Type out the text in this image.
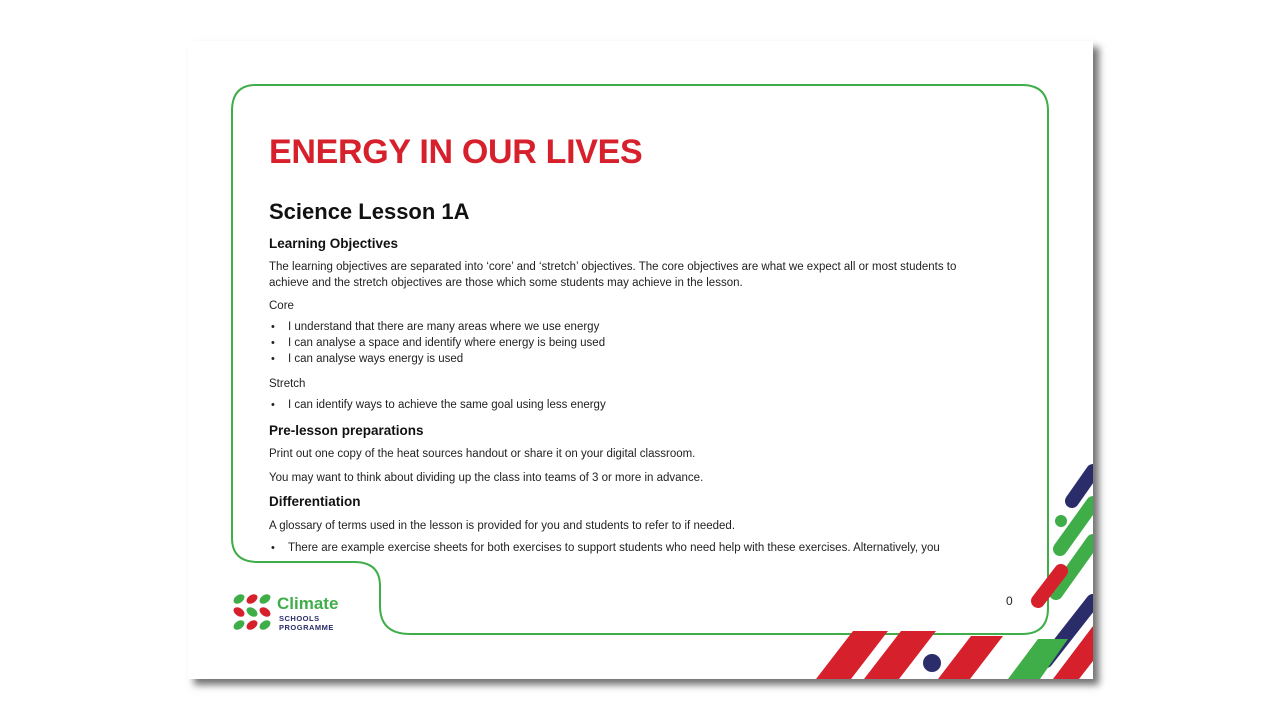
ENERGY IN OUR LIVES
Science Lesson 1A
Learning Objectives

The learning objectives are separated into ‘core’ and ‘stretch’ objectives. The core objectives are what we expect all or most students to

achieve and the stretch objectives are those which some students may achieve in the lesson.

Core

• I understand that there are many areas where we use energy

• I can analyse a space and identify where energy is being used

• I can analyse ways energy is used

Stretch

• I can identify ways to achieve the same goal using less energy

Pre-lesson preparations

Print out one copy of the heat sources handout or share it on your digital classroom.

You may want to think about dividing up the class into teams of 3 or more in advance.

Differentiation

A glossary of terms used in the lesson is provided for you and students to refer to if needed.

• There are example exercise sheets for both exercises to support students who need help with these exercises. Alternatively, you

0
Climate
SCHOOLS
PROGRAMME
